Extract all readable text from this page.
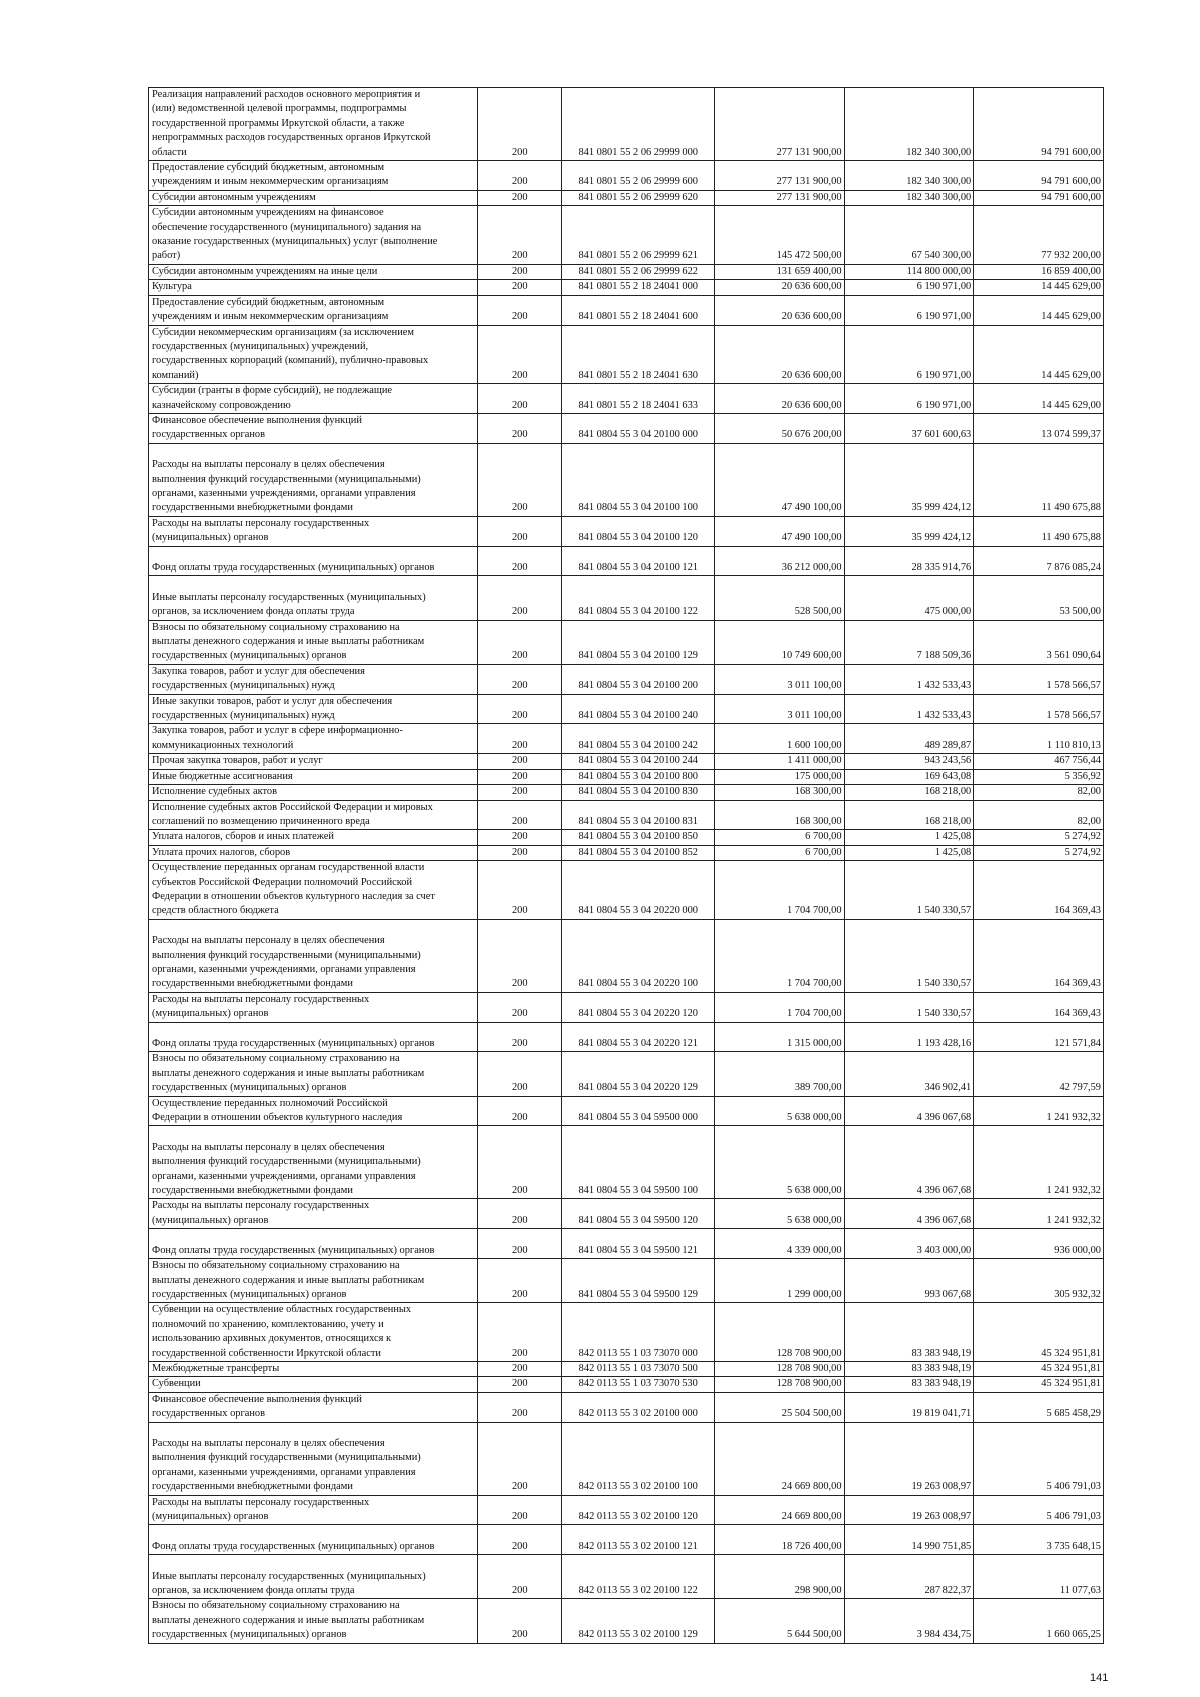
Реализация направлений расходов основного мероприятия и
(или) ведомственной целевой программы, подпрограммы
государственной программы Иркутской области, а также
непрограммных расходов государственных органов Иркутской
области	200	841 0801 55 2 06 29999 000	277 131 900,00	182 340 300,00	94 791 600,00
Предоставление субсидий бюджетным, автономным
учреждениям и иным некоммерческим организациям	200	841 0801 55 2 06 29999 600	277 131 900,00	182 340 300,00	94 791 600,00
Субсидии автономным учреждениям	200	841 0801 55 2 06 29999 620	277 131 900,00	182 340 300,00	94 791 600,00
Субсидии автономным учреждениям на финансовое
обеспечение государственного (муниципального) задания на
оказание государственных (муниципальных) услуг (выполнение
работ)	200	841 0801 55 2 06 29999 621	145 472 500,00	67 540 300,00	77 932 200,00
Субсидии автономным учреждениям на иные цели	200	841 0801 55 2 06 29999 622	131 659 400,00	114 800 000,00	16 859 400,00
Культура	200	841 0801 55 2 18 24041 000	20 636 600,00	6 190 971,00	14 445 629,00
Предоставление субсидий бюджетным, автономным
учреждениям и иным некоммерческим организациям	200	841 0801 55 2 18 24041 600	20 636 600,00	6 190 971,00	14 445 629,00
Субсидии некоммерческим организациям (за исключением
государственных (муниципальных) учреждений,
государственных корпораций (компаний), публично-правовых
компаний)	200	841 0801 55 2 18 24041 630	20 636 600,00	6 190 971,00	14 445 629,00
Субсидии (гранты в форме субсидий), не подлежащие
казначейскому сопровождению	200	841 0801 55 2 18 24041 633	20 636 600,00	6 190 971,00	14 445 629,00
Финансовое обеспечение выполнения функций
государственных органов	200	841 0804 55 3 04 20100 000	50 676 200,00	37 601 600,63	13 074 599,37

Расходы на выплаты персоналу в целях обеспечения
выполнения функций государственными (муниципальными)
органами, казенными учреждениями, органами управления
государственными внебюджетными фондами	200	841 0804 55 3 04 20100 100	47 490 100,00	35 999 424,12	11 490 675,88
Расходы на выплаты персоналу государственных
(муниципальных) органов	200	841 0804 55 3 04 20100 120	47 490 100,00	35 999 424,12	11 490 675,88

Фонд оплаты труда государственных (муниципальных) органов	200	841 0804 55 3 04 20100 121	36 212 000,00	28 335 914,76	7 876 085,24

Иные выплаты персоналу государственных (муниципальных)
органов, за исключением фонда оплаты труда	200	841 0804 55 3 04 20100 122	528 500,00	475 000,00	53 500,00
Взносы по обязательному социальному страхованию на
выплаты денежного содержания и иные выплаты работникам
государственных (муниципальных) органов	200	841 0804 55 3 04 20100 129	10 749 600,00	7 188 509,36	3 561 090,64
Закупка товаров, работ и услуг для обеспечения
государственных (муниципальных) нужд	200	841 0804 55 3 04 20100 200	3 011 100,00	1 432 533,43	1 578 566,57
Иные закупки товаров, работ и услуг для обеспечения
государственных (муниципальных) нужд	200	841 0804 55 3 04 20100 240	3 011 100,00	1 432 533,43	1 578 566,57
Закупка товаров, работ и услуг в сфере информационно-
коммуникационных технологий	200	841 0804 55 3 04 20100 242	1 600 100,00	489 289,87	1 110 810,13
Прочая закупка товаров, работ и услуг	200	841 0804 55 3 04 20100 244	1 411 000,00	943 243,56	467 756,44
Иные бюджетные ассигнования	200	841 0804 55 3 04 20100 800	175 000,00	169 643,08	5 356,92
Исполнение судебных актов	200	841 0804 55 3 04 20100 830	168 300,00	168 218,00	82,00
Исполнение судебных актов Российской Федерации и мировых
соглашений по возмещению причиненного вреда	200	841 0804 55 3 04 20100 831	168 300,00	168 218,00	82,00
Уплата налогов, сборов и иных платежей	200	841 0804 55 3 04 20100 850	6 700,00	1 425,08	5 274,92
Уплата прочих налогов, сборов	200	841 0804 55 3 04 20100 852	6 700,00	1 425,08	5 274,92
Осуществление переданных органам государственной власти
субъектов Российской Федерации полномочий Российской
Федерации в отношении объектов культурного наследия за счет
средств областного бюджета	200	841 0804 55 3 04 20220 000	1 704 700,00	1 540 330,57	164 369,43

Расходы на выплаты персоналу в целях обеспечения
выполнения функций государственными (муниципальными)
органами, казенными учреждениями, органами управления
государственными внебюджетными фондами	200	841 0804 55 3 04 20220 100	1 704 700,00	1 540 330,57	164 369,43
Расходы на выплаты персоналу государственных
(муниципальных) органов	200	841 0804 55 3 04 20220 120	1 704 700,00	1 540 330,57	164 369,43

Фонд оплаты труда государственных (муниципальных) органов	200	841 0804 55 3 04 20220 121	1 315 000,00	1 193 428,16	121 571,84
Взносы по обязательному социальному страхованию на
выплаты денежного содержания и иные выплаты работникам
государственных (муниципальных) органов	200	841 0804 55 3 04 20220 129	389 700,00	346 902,41	42 797,59
Осуществление переданных полномочий Российской
Федерации в отношении объектов культурного наследия	200	841 0804 55 3 04 59500 000	5 638 000,00	4 396 067,68	1 241 932,32

Расходы на выплаты персоналу в целях обеспечения
выполнения функций государственными (муниципальными)
органами, казенными учреждениями, органами управления
государственными внебюджетными фондами	200	841 0804 55 3 04 59500 100	5 638 000,00	4 396 067,68	1 241 932,32
Расходы на выплаты персоналу государственных
(муниципальных) органов	200	841 0804 55 3 04 59500 120	5 638 000,00	4 396 067,68	1 241 932,32

Фонд оплаты труда государственных (муниципальных) органов	200	841 0804 55 3 04 59500 121	4 339 000,00	3 403 000,00	936 000,00
Взносы по обязательному социальному страхованию на
выплаты денежного содержания и иные выплаты работникам
государственных (муниципальных) органов	200	841 0804 55 3 04 59500 129	1 299 000,00	993 067,68	305 932,32
Субвенции на осуществление областных государственных
полномочий по хранению, комплектованию, учету и
использованию архивных документов, относящихся к
государственной собственности Иркутской области	200	842 0113 55 1 03 73070 000	128 708 900,00	83 383 948,19	45 324 951,81
Межбюджетные трансферты	200	842 0113 55 1 03 73070 500	128 708 900,00	83 383 948,19	45 324 951,81
Субвенции	200	842 0113 55 1 03 73070 530	128 708 900,00	83 383 948,19	45 324 951,81
Финансовое обеспечение выполнения функций
государственных органов	200	842 0113 55 3 02 20100 000	25 504 500,00	19 819 041,71	5 685 458,29

Расходы на выплаты персоналу в целях обеспечения
выполнения функций государственными (муниципальными)
органами, казенными учреждениями, органами управления
государственными внебюджетными фондами	200	842 0113 55 3 02 20100 100	24 669 800,00	19 263 008,97	5 406 791,03
Расходы на выплаты персоналу государственных
(муниципальных) органов	200	842 0113 55 3 02 20100 120	24 669 800,00	19 263 008,97	5 406 791,03

Фонд оплаты труда государственных (муниципальных) органов	200	842 0113 55 3 02 20100 121	18 726 400,00	14 990 751,85	3 735 648,15

Иные выплаты персоналу государственных (муниципальных)
органов, за исключением фонда оплаты труда	200	842 0113 55 3 02 20100 122	298 900,00	287 822,37	11 077,63
Взносы по обязательному социальному страхованию на
выплаты денежного содержания и иные выплаты работникам
государственных (муниципальных) органов	200	842 0113 55 3 02 20100 129	5 644 500,00	3 984 434,75	1 660 065,25
141
